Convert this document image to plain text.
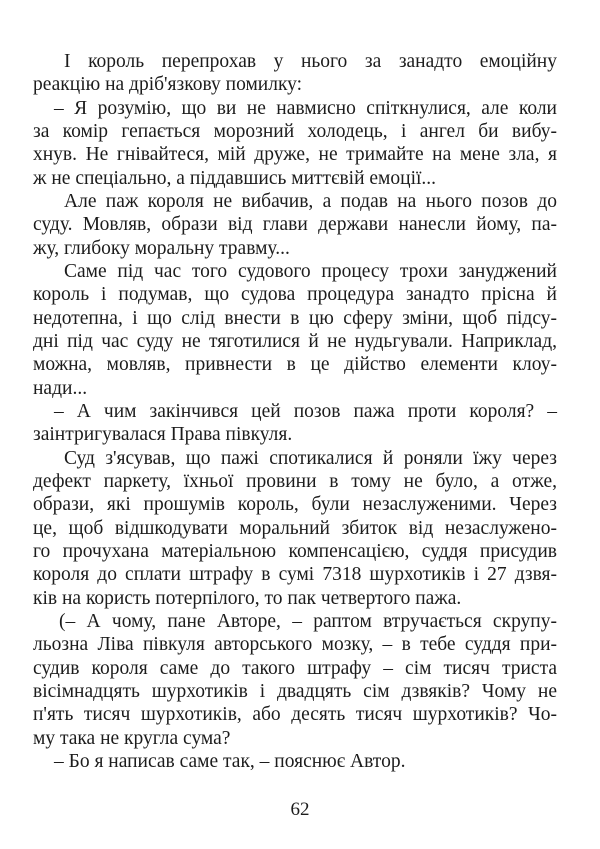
І король перепрохав у нього за занадто емоційну
реакцію на дріб'язкову помилку:
– Я розумію, що ви не навмисно спіткнулися, але коли
за комір гепається морозний холодець, і ангел би вибу-
хнув. Не гнівайтеся, мій друже, не тримайте на мене зла, я
ж не спеціально, а піддавшись миттєвій емоції...
Але паж короля не вибачив, а подав на нього позов до
суду. Мовляв, образи від глави держави нанесли йому, па-
жу, глибоку моральну травму...
Саме під час того судового процесу трохи зануджений
король і подумав, що судова процедура занадто прісна й
недотепна, і що слід внести в цю сферу зміни, щоб підсу-
дні під час суду не тяготилися й не нудьгували. Наприклад,
можна, мовляв, привнести в це дійство елементи клоу-
нади...
– А чим закінчився цей позов пажа проти короля? –
заінтригувалася Права півкуля.
Суд з'ясував, що пажі спотикалися й роняли їжу через
дефект паркету, їхньої провини в тому не було, а отже,
образи, які прошумів король, були незаслуженими. Через
це, щоб відшкодувати моральний збиток від незаслужено-
го прочухана матеріальною компенсацією, суддя присудив
короля до сплати штрафу в сумі 7318 шурхотиків і 27 дзвя-
ків на користь потерпілого, то пак четвертого пажа.
(– А чому, пане Авторе, – раптом втручається скрупу-
льозна Ліва півкуля авторського мозку, – в тебе суддя при-
судив короля саме до такого штрафу – сім тисяч триста
вісімнадцять шурхотиків і двадцять сім дзвяків? Чому не
п'ять тисяч шурхотиків, або десять тисяч шурхотиків? Чо-
му така не кругла сума?
– Бо я написав саме так, – пояснює Автор.
62
